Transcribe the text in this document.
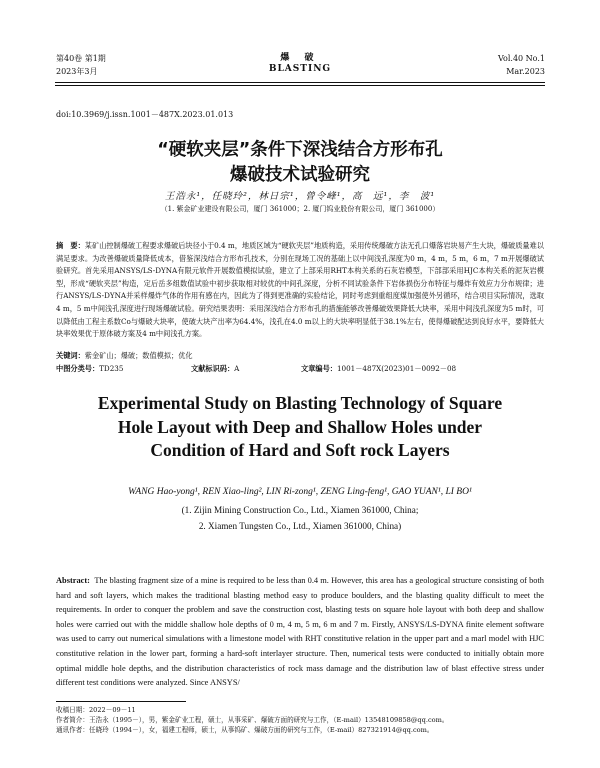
第40卷 第1期
2023年3月
爆 破
BLASTING
Vol.40 No.1
Mar.2023
doi:10.3969/j.issn.1001－487X.2023.01.013
“硬软夹层”条件下深浅结合方形布孔
爆破技术试验研究
王浩永¹，任晓玲²，林日宗¹，曾令峰¹，高　远¹，李　波¹
（1. 紫金矿业建设有限公司，厦门 361000；2. 厦门钨业股份有限公司，厦门 361000）
摘　要：某矿山控制爆破工程要求爆破后块径小于0.4 m，地质区域为“硬软夹层”地质构造，采用传统爆破方法无孔口爆落岩块易产生大块，爆破质量难以满足要求。为改善爆破质量降低成本，借鉴深浅结合方形布孔技术，分别在现场工况的基础上以中间浅孔深度为0 m，4 m，5 m，6 m，7 m开展爆破试验研究。首先采用ANSYS/LS-DYNA有限元软件开展数值模拟试验，建立了上部采用RHT本构关系的石灰岩模型，下部部采用HJC本构关系的泥灰岩模型，形成“硬软夹层”构造，定后岳多组数值试验中初步获取相对较优的中间孔深度，分析不同试验条件下岩体损伤分布特征与爆炸有效应力分布规律；进行ANSYS/LS-DYNA并采样爆炸气体的作用有感在内，因此为了得到更准确的实验结论，同时考虑到重组度煤加强使外另循环，结合项目实际情况，选取4 m，5 m中间浅孔深度进行现场爆破试验。研究结果表明：采用深浅结合方形布孔的措施能够改善爆破效果降低大块率，采用中间浅孔深度为5 m时，可以降低由工程主系数Co与爆破大块率，使破大块产出率为64.4%，浅孔在4.0 m以上的大块率明显低于38.1%左右，使得爆破配达到良好水平，要降低大块率效果优于原体破方案及4 m中间浅孔方案。
关键词：紫金矿山；爆破；数值模拟；优化
中图分类号：TD235	文献标识码：A	文章编号：1001－487X(2023)01－0092－08
Experimental Study on Blasting Technology of Square
Hole Layout with Deep and Shallow Holes under
Condition of Hard and Soft rock Layers
WANG Hao-yong¹, REN Xiao-ling², LIN Ri-zong¹, ZENG Ling-feng¹, GAO YUAN¹, LI BO¹
(1. Zijin Mining Construction Co., Ltd., Xiamen 361000, China;
2. Xiamen Tungsten Co., Ltd., Xiamen 361000, China)
Abstract: The blasting fragment size of a mine is required to be less than 0.4 m. However, this area has a geological structure consisting of both hard and soft layers, which makes the traditional blasting method easy to produce boulders, and the blasting quality difficult to meet the requirements. In order to conquer the problem and save the construction cost, blasting tests on square hole layout with both deep and shallow holes were carried out with the middle shallow hole depths of 0 m, 4 m, 5 m, 6 m and 7 m. Firstly, ANSYS/LS-DYNA finite element software was used to carry out numerical simulations with a limestone model with RHT constitutive relation in the upper part and a marl model with HJC constitutive relation in the lower part, forming a hard-soft interlayer structure. Then, numerical tests were conducted to initially obtain more optimal middle hole depths, and the distribution characteristics of rock mass damage and the distribution law of blast effective stress under different test conditions were analyzed. Since ANSYS/
收稿日期：2022－09－11
作者简介：王浩永（1995－），男，紫金矿业工程，硕士，从事采矿、爆破方面的研究与工作，（E-mail）13548109858@qq.com。
通讯作者：任晓玲（1994－），女，福建工程师，硕士，从事钨矿、爆破方面的研究与工作，（E-mail）827321914@qq.com。
